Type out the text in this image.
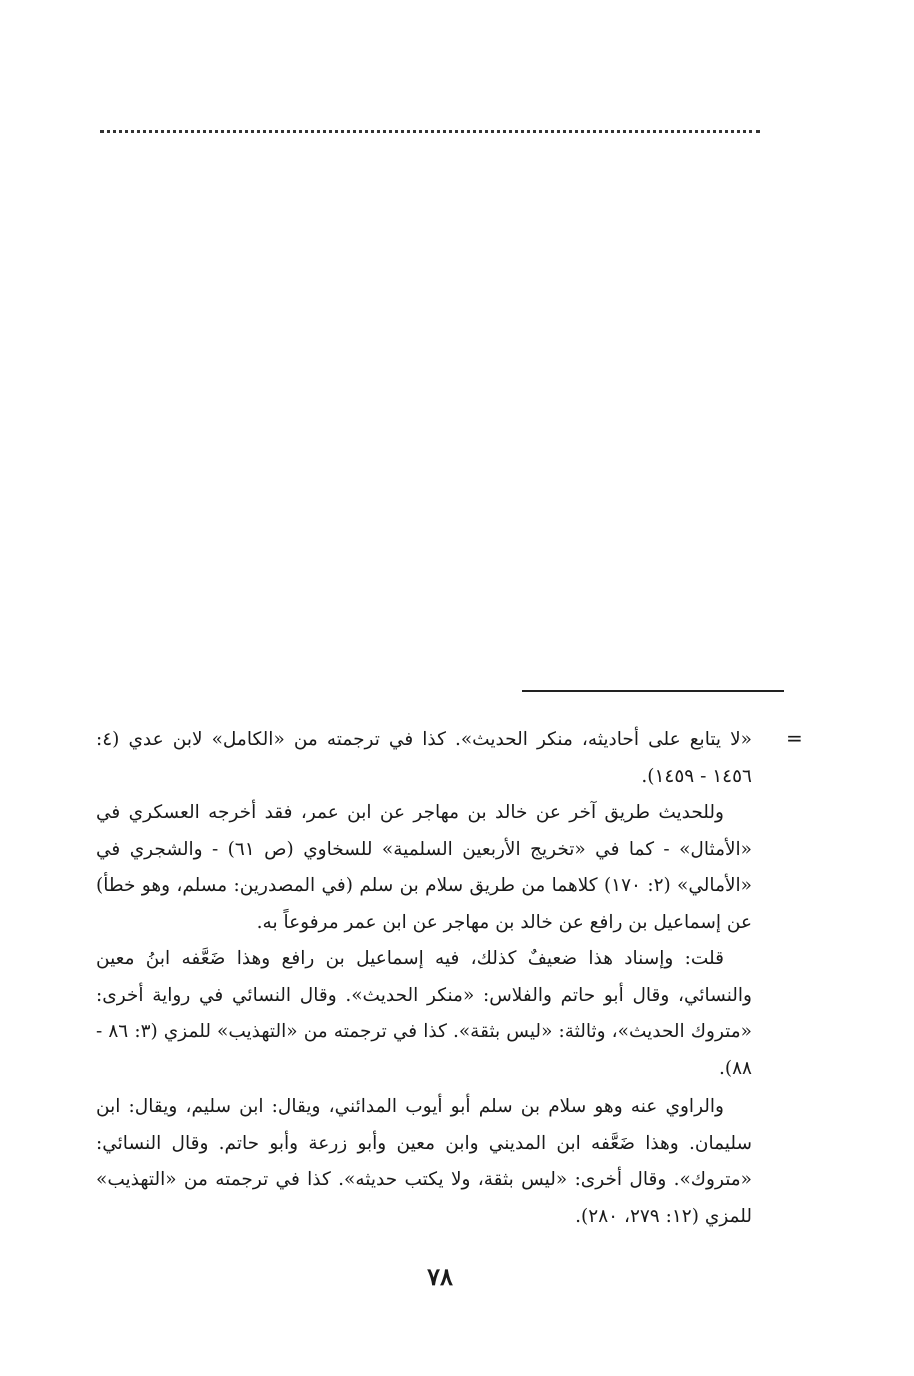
=

«لا يتابع على أحاديثه، منكر الحديث». كذا في ترجمته من «الكامل» لابن عدي (٤: ١٤٥٦ - ١٤٥٩).

وللحديث طريق آخر عن خالد بن مهاجر عن ابن عمر، فقد أخرجه العسكري في «الأمثال» - كما في «تخريج الأربعين السلمية» للسخاوي (ص ٦١) - والشجري في «الأمالي» (٢: ١٧٠) كلاهما من طريق سلام بن سلم (في المصدرين: مسلم، وهو خطأ) عن إسماعيل بن رافع عن خالد بن مهاجر عن ابن عمر مرفوعاً به.

قلت: وإسناد هذا ضعيفٌ كذلك، فيه إسماعيل بن رافع وهذا ضَعَّفه ابنُ معين والنسائي، وقال أبو حاتم والفلاس: «منكر الحديث». وقال النسائي في رواية أخرى: «متروك الحديث»، وثالثة: «ليس بثقة». كذا في ترجمته من «التهذيب» للمزي (٣: ٨٦ - ٨٨).

والراوي عنه وهو سلام بن سلم أبو أيوب المدائني، ويقال: ابن سليم، ويقال: ابن سليمان. وهذا ضَعَّفه ابن المديني وابن معين وأبو زرعة وأبو حاتم. وقال النسائي: «متروك». وقال أخرى: «ليس بثقة، ولا يكتب حديثه». كذا في ترجمته من «التهذيب» للمزي (١٢: ٢٧٩، ٢٨٠).

٧٨
